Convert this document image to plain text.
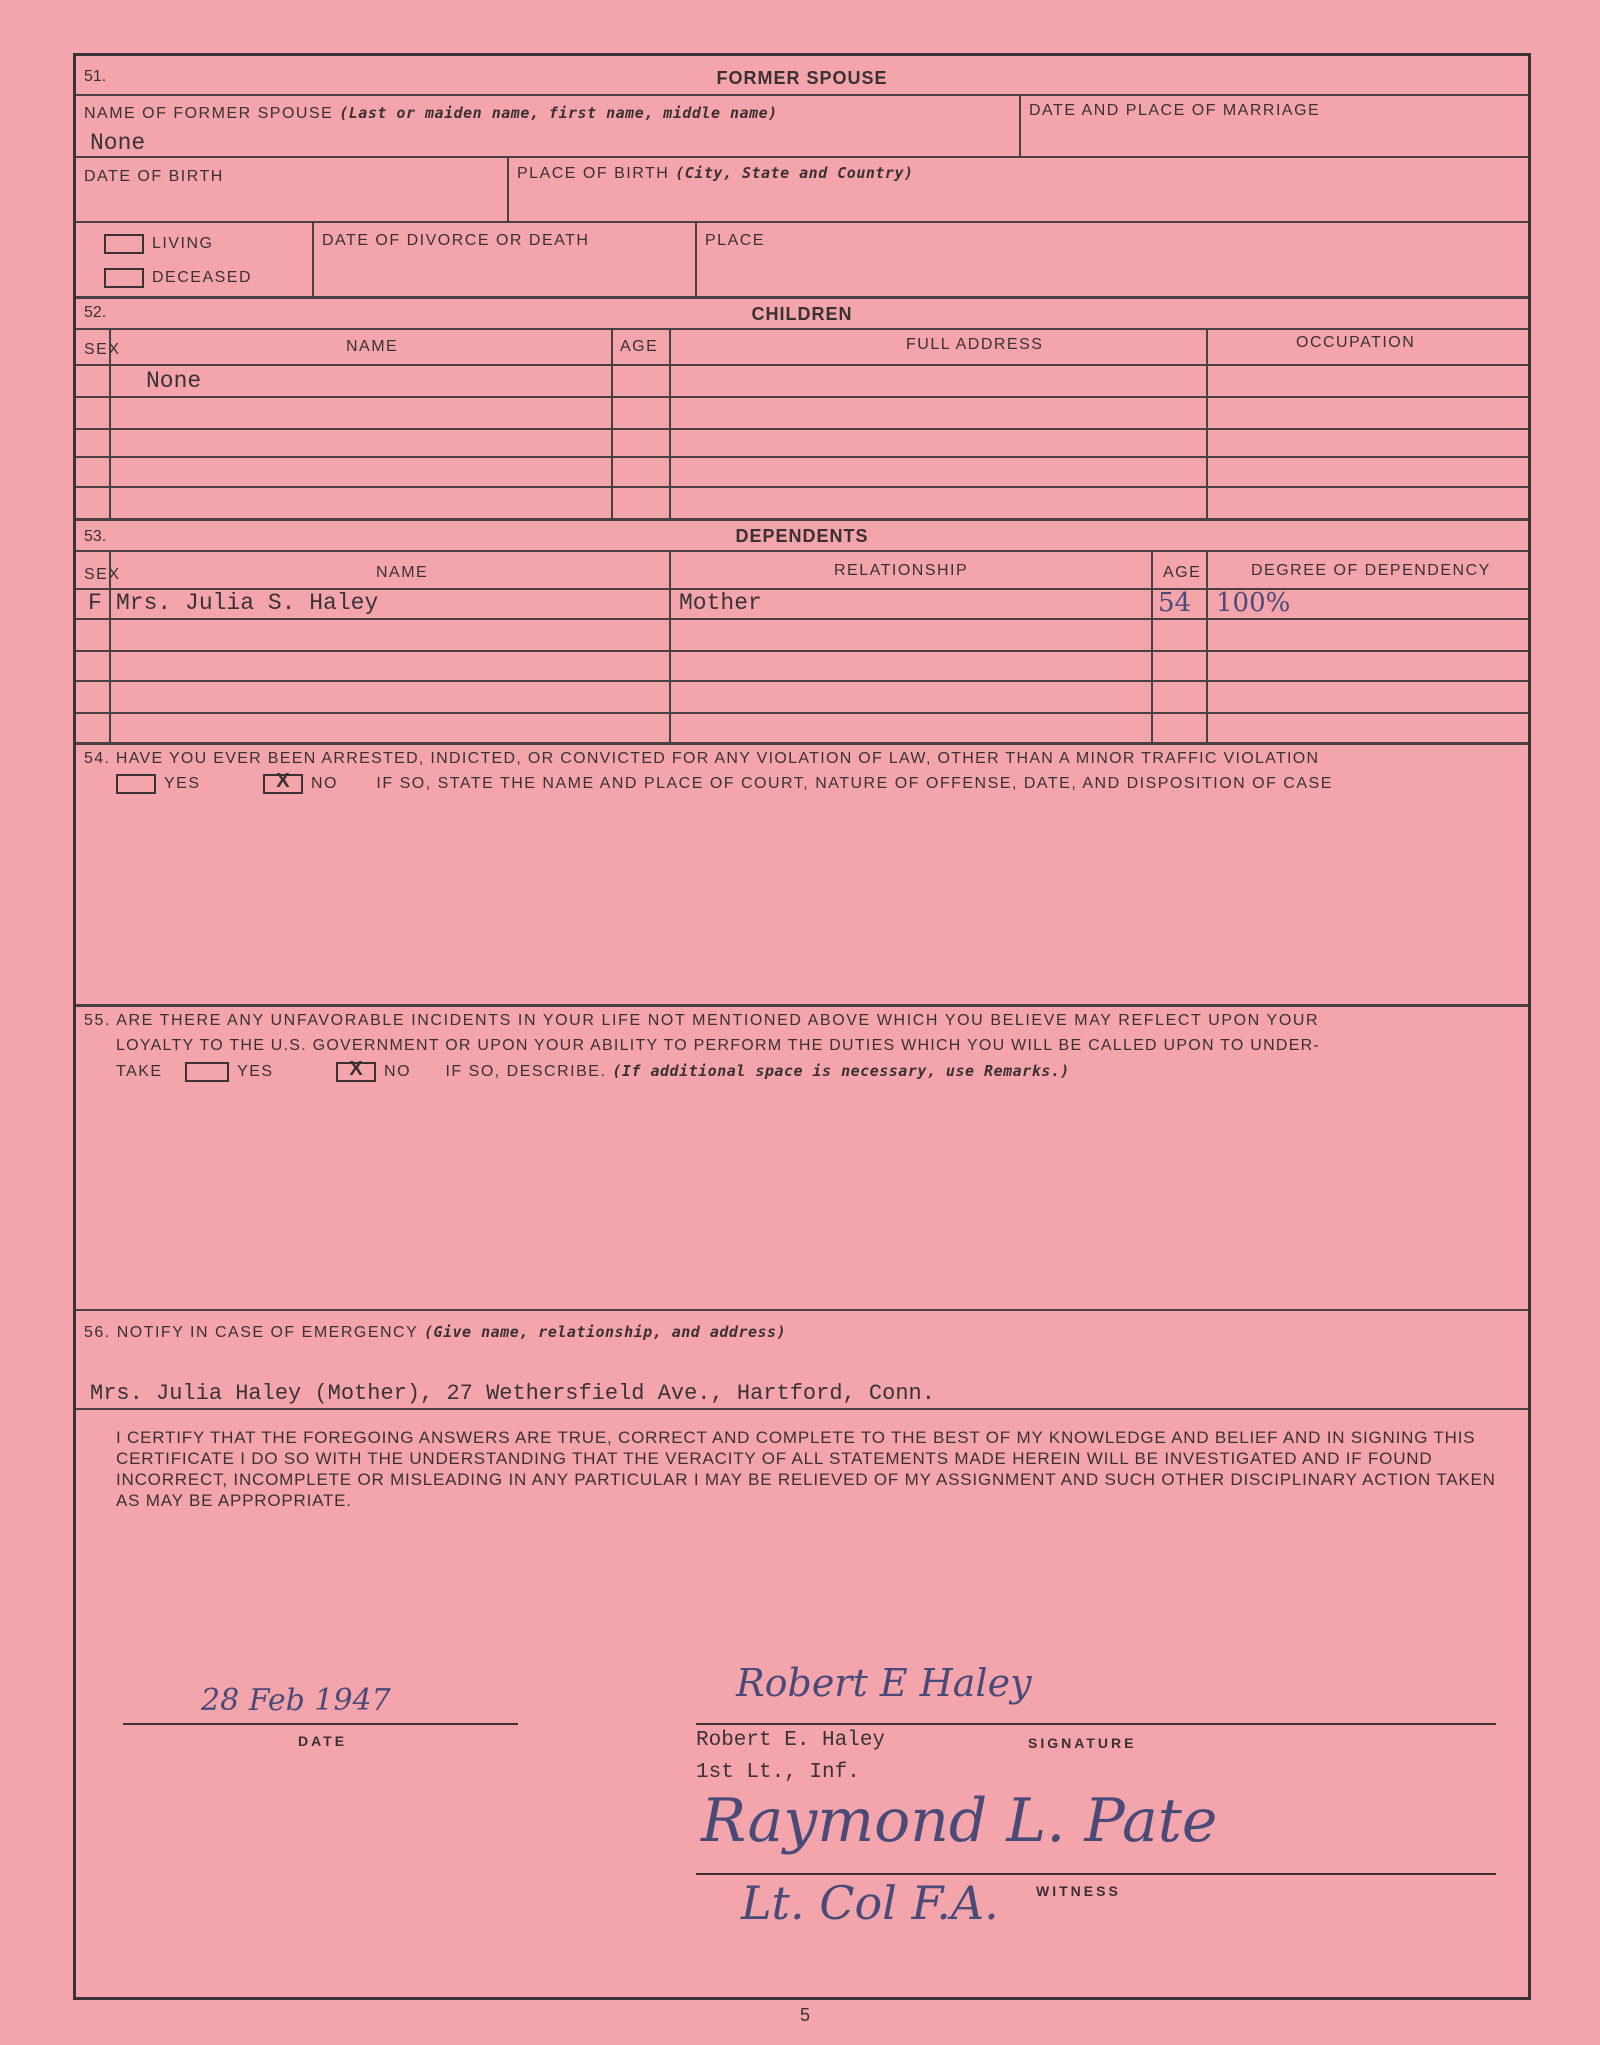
51.	FORMER SPOUSE
NAME OF FORMER SPOUSE (Last or maiden name, first name, middle name)
None
DATE AND PLACE OF MARRIAGE
DATE OF BIRTH	PLACE OF BIRTH (City, State and Country)
LIVING
DECEASED
DATE OF DIVORCE OR DEATH	PLACE
52.	CHILDREN
SEX	NAME	AGE	FULL ADDRESS	OCCUPATION
None
53.	DEPENDENTS
SEX	NAME	RELATIONSHIP	AGE	DEGREE OF DEPENDENCY
F Mrs. Julia S. Haley	Mother	54 100%
54. HAVE YOU EVER BEEN ARRESTED, INDICTED, OR CONVICTED FOR ANY VIOLATION OF LAW, OTHER THAN A MINOR TRAFFIC VIOLATION
YES	X	NO IF SO, STATE THE NAME AND PLACE OF COURT, NATURE OF OFFENSE, DATE, AND DISPOSITION OF CASE
55. ARE THERE ANY UNFAVORABLE INCIDENTS IN YOUR LIFE NOT MENTIONED ABOVE WHICH YOU BELIEVE MAY REFLECT UPON YOUR
LOYALTY TO THE U.S. GOVERNMENT OR UPON YOUR ABILITY TO PERFORM THE DUTIES WHICH YOU WILL BE CALLED UPON TO UNDER-
TAKE	YES	X	NO IF SO, DESCRIBE. (If additional space is necessary, use Remarks.)
56. NOTIFY IN CASE OF EMERGENCY (Give name, relationship, and address)
Mrs. Julia Haley (Mother), 27 Wethersfield Ave., Hartford, Conn.
I CERTIFY THAT THE FOREGOING ANSWERS ARE TRUE, CORRECT AND COMPLETE TO THE BEST OF MY KNOWLEDGE AND BELIEF AND IN SIGNING THIS CERTIFICATE I DO SO WITH THE UNDERSTANDING THAT THE VERACITY OF ALL STATEMENTS MADE HEREIN WILL BE INVESTIGATED AND IF FOUND INCORRECT, INCOMPLETE OR MISLEADING IN ANY PARTICULAR I MAY BE RELIEVED OF MY ASSIGNMENT AND SUCH OTHER DISCIPLINARY ACTION TAKEN AS MAY BE APPROPRIATE.
28 Feb 1947
DATE
Robert E Haley
Robert E. Haley	SIGNATURE
1st Lt., Inf.
Raymond L. Pate
WITNESS
Lt. Col F.A.
5
